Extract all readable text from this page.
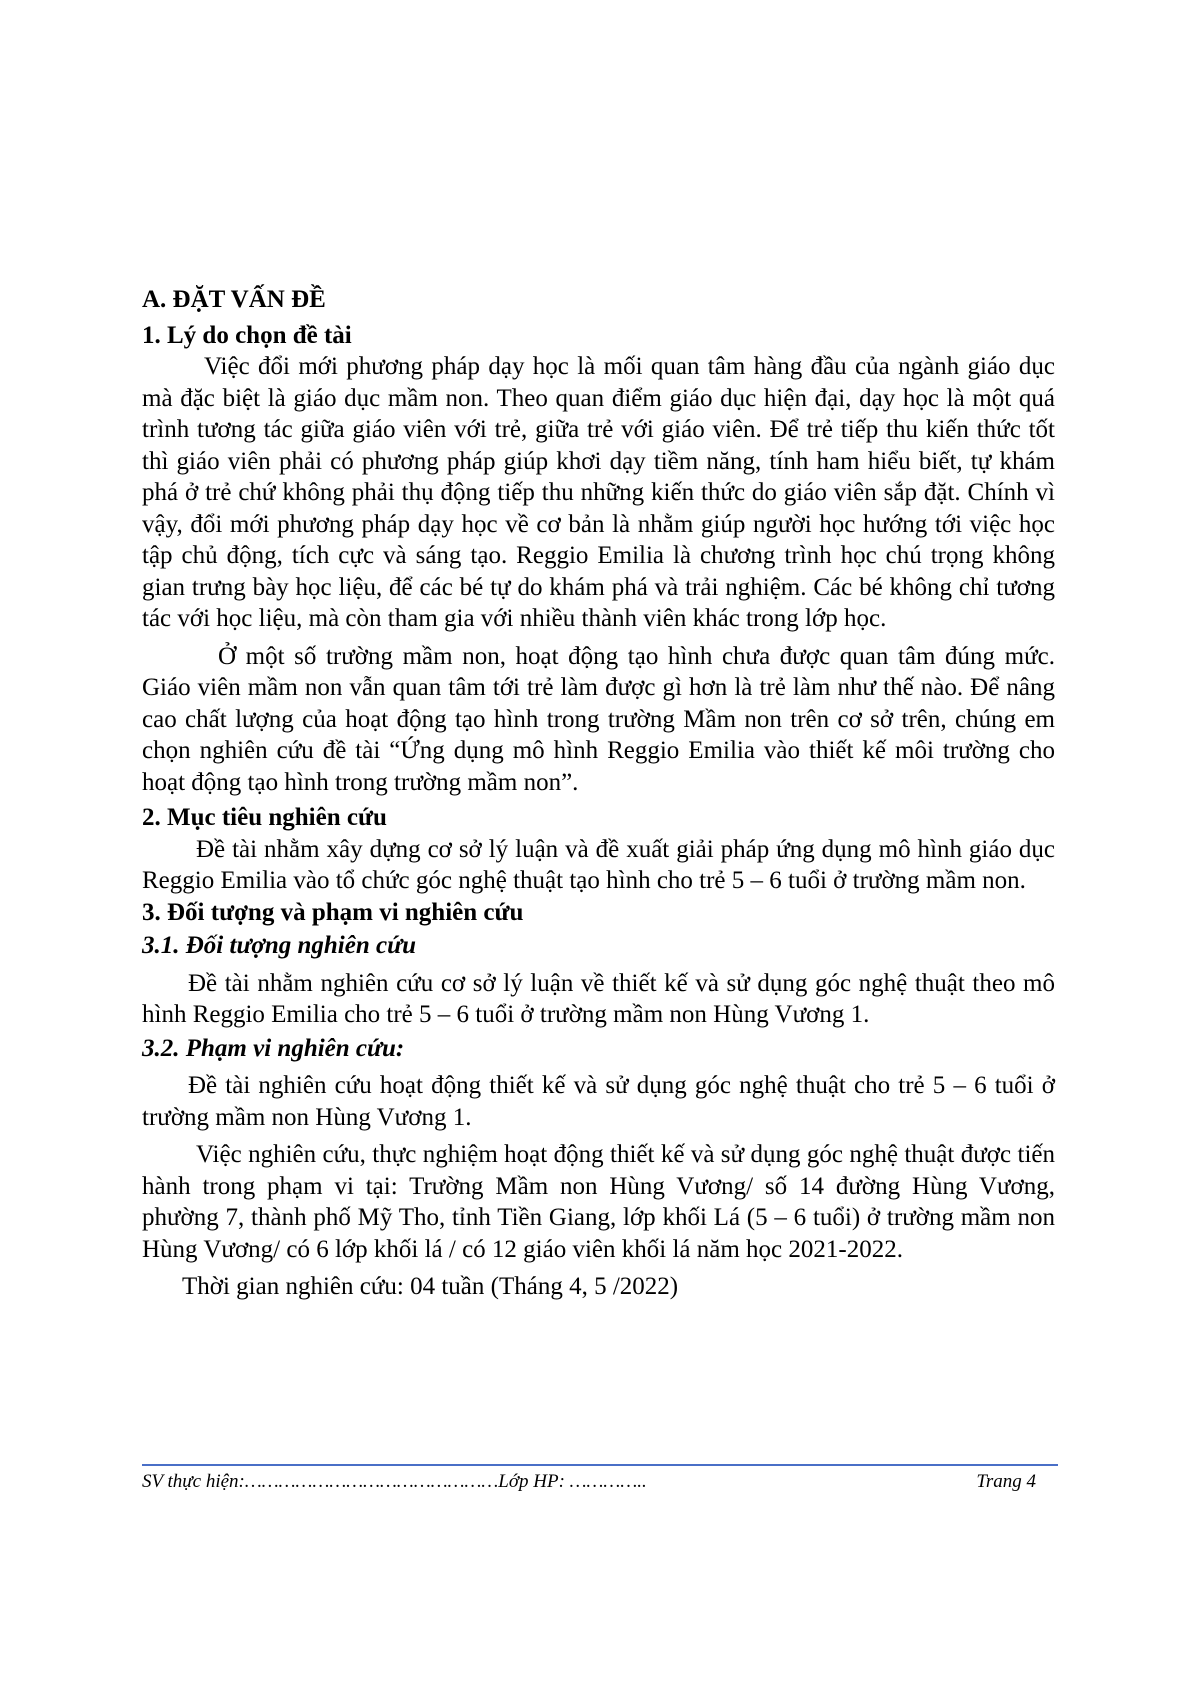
A. ĐẶT VẤN ĐỀ

1. Lý do chọn đề tài

Việc đổi mới phương pháp dạy học là mối quan tâm hàng đầu của ngành giáo dục mà đặc biệt là giáo dục mầm non. Theo quan điểm giáo dục hiện đại, dạy học là một quá trình tương tác giữa giáo viên với trẻ, giữa trẻ với giáo viên. Để trẻ tiếp thu kiến thức tốt thì giáo viên phải có phương pháp giúp khơi dạy tiềm năng, tính ham hiểu biết, tự khám phá ở trẻ chứ không phải thụ động tiếp thu những kiến thức do giáo viên sắp đặt. Chính vì vậy, đổi mới phương pháp dạy học về cơ bản là nhằm giúp người học hướng tới việc học tập chủ động, tích cực và sáng tạo. Reggio Emilia là chương trình học chú trọng không gian trưng bày học liệu, để các bé tự do khám phá và trải nghiệm. Các bé không chỉ tương tác với học liệu, mà còn tham gia với nhiều thành viên khác trong lớp học.

Ở một số trường mầm non, hoạt động tạo hình chưa được quan tâm đúng mức. Giáo viên mầm non vẫn quan tâm tới trẻ làm được gì hơn là trẻ làm như thế nào. Để nâng cao chất lượng của hoạt động tạo hình trong trường Mầm non trên cơ sở trên, chúng em chọn nghiên cứu đề tài “Ứng dụng mô hình Reggio Emilia vào thiết kế môi trường cho hoạt động tạo hình trong trường mầm non”.

2. Mục tiêu nghiên cứu

Đề tài nhằm xây dựng cơ sở lý luận và đề xuất giải pháp ứng dụng mô hình giáo dục Reggio Emilia vào tổ chức góc nghệ thuật tạo hình cho trẻ 5 – 6 tuổi ở trường mầm non.

3. Đối tượng và phạm vi nghiên cứu

3.1. Đối tượng nghiên cứu

Đề tài nhằm nghiên cứu cơ sở lý luận về thiết kế và sử dụng góc nghệ thuật theo mô hình Reggio Emilia cho trẻ 5 – 6 tuổi ở trường mầm non Hùng Vương 1.

3.2. Phạm vi nghiên cứu:

Đề tài nghiên cứu hoạt động thiết kế và sử dụng góc nghệ thuật cho trẻ 5 – 6 tuổi ở trường mầm non Hùng Vương 1.

Việc nghiên cứu, thực nghiệm hoạt động thiết kế và sử dụng góc nghệ thuật được tiến hành trong phạm vi tại: Trường Mầm non Hùng Vương/ số 14 đường Hùng Vương, phường 7, thành phố Mỹ Tho, tỉnh Tiền Giang, lớp khối Lá (5 – 6 tuổi) ở trường mầm non Hùng Vương/ có 6 lớp khối lá / có 12 giáo viên khối lá năm học 2021-2022.

Thời gian nghiên cứu: 04 tuần (Tháng 4, 5 /2022)

SV thực hiện:………………………………………Lớp HP: …………..	Trang 4
